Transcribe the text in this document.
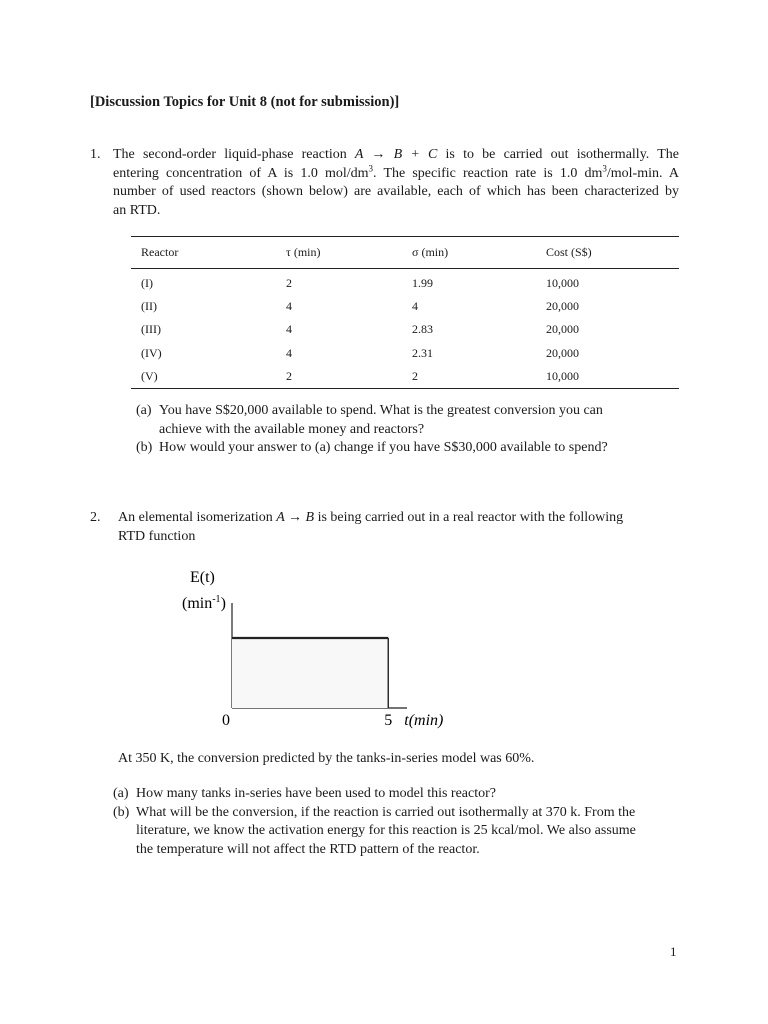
[Discussion Topics for Unit 8 (not for submission)]
1. The second-order liquid-phase reaction A → B + C is to be carried out isothermally. The
entering concentration of A is 1.0 mol/$dm^3$. The specific reaction rate is 1.0 $dm^3/mol-\min$. A
number of used reactors (shown below) are available, each of which has been characterized by
an RTD.
Reactor	τ (min)	σ (min)	Cost (S$)
(I)	2	1.99	10,000
(II)	4	4	20,000
(III)	4	2.83	20,000
(IV)	4	2.31	20,000
(V)	2	2	10,000
(a) You have S$20,000 available to spend. What is the greatest conversion you can
achieve with the available money and reactors?
(b) How would your answer to (a) change if you have S$30,000 available to spend?
2. An elemental isomerization A → B is being carried out in a real reactor with the following
RTD function
E(t)
$(\min^{-1})$
0	5 t(min)
At 350 K, the conversion predicted by the tanks-in-series model was 60%.
(a) How many tanks in-series have been used to model this reactor?
(b) What will be the conversion, if the reaction is carried out isothermally at 370 k. From the
literature, we know the activation energy for this reaction is 25 kcal/mol. We also assume
the temperature will not affect the RTD pattern of the reactor.
1
